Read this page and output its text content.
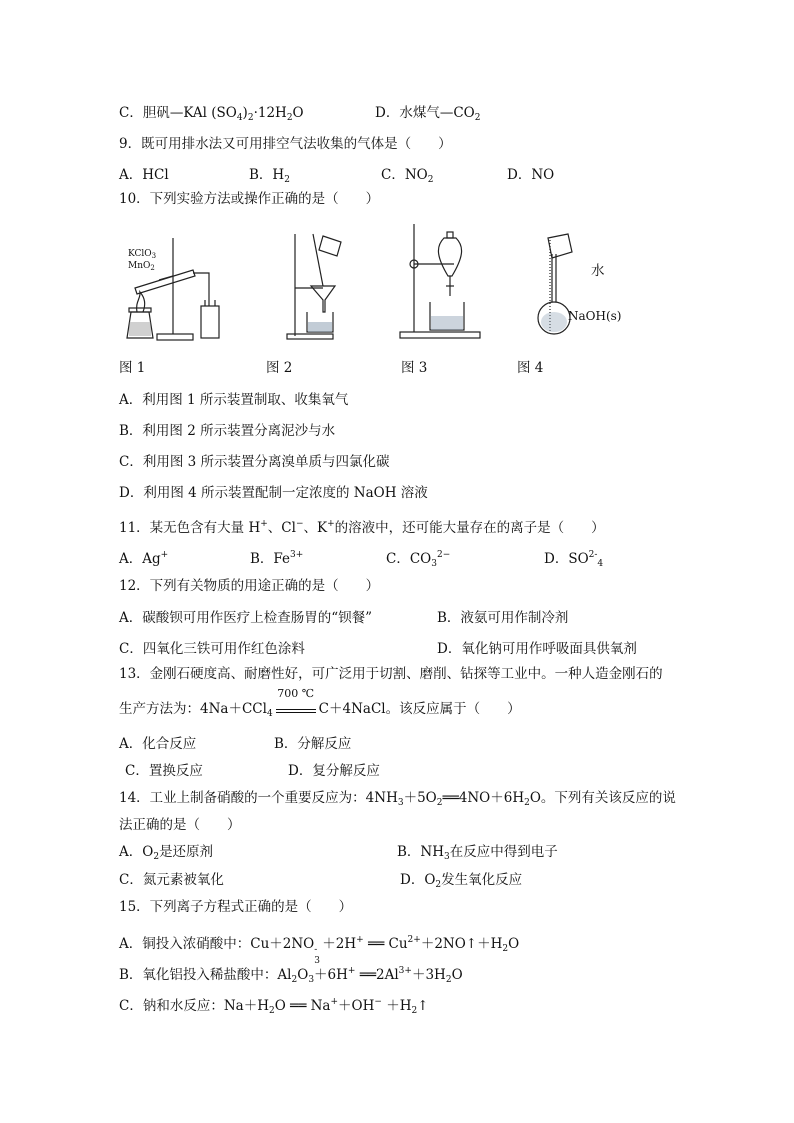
C．胆矾—KAl $(SO_4)_2\cdot 12H_2O$	D．水煤气$—CO_2$
9．既可用排水法又可用排空气法收集的气体是（　　）
A．HCl	B．$H_2$	C．$NO_2$	D．NO
10．下列实验方法或操作正确的是（　　）
KClO$_3$
MnO$_2$	水
NaOH(s)
图 1	图 2	图 3	图 4
A．利用图 1 所示装置制取、收集氧气
B．利用图 2 所示装置分离泥沙与水
C．利用图 3 所示装置分离溴单质与四氯化碳
D．利用图 4 所示装置配制一定浓度的 NaOH 溶液
11．某无色含有大量 H+、Cl−、K+的溶液中，还可能大量存在的离子是（　　）
A．Ag+	B．$Fe^{3+}$	C．$CO_3^{2-}$	D．$SO^{2-}_4$
12．下列有关物质的用途正确的是（　　）
A．碳酸钡可用作医疗上检查肠胃的“钡餐”	B．液氨可用作制冷剂
C．四氧化三铁可用作红色涂料	D．氧化钠可用作呼吸面具供氧剂
13．金刚石硬度高、耐磨性好，可广泛用于切割、磨削、钻探等工业中。一种人造金刚石的
生产方法为：4Na＋CCl$_4$
700 ℃
C＋4NaCl。该反应属于（　　）
A．化合反应	B．分解反应
C．置换反应	D．复分解反应
14．工业上制备硝酸的一个重要反应为：$4NH_3+5O_2══4NO+6H_2O$。下列有关该反应的说
法正确的是（　　）
A．$O_2$是还原剂	B．$NH_3$在反应中得到电子
C．氮元素被氧化	D．$O_2$发生氧化反应
15．下列离子方程式正确的是（　　）
A．铜投入浓硝酸中：Cu＋2NO -
3
＋2H+ ══ $Cu^{2+}+2NO↑+H_2O$
B．氧化铝投入稀盐酸中：$Al_2O_3+6H^+$ $══2Al^{3+}+3H_2O$
C．钠和水反应：$Na+H_2O$ ══ $Na^++OH^- +H_2↑$
